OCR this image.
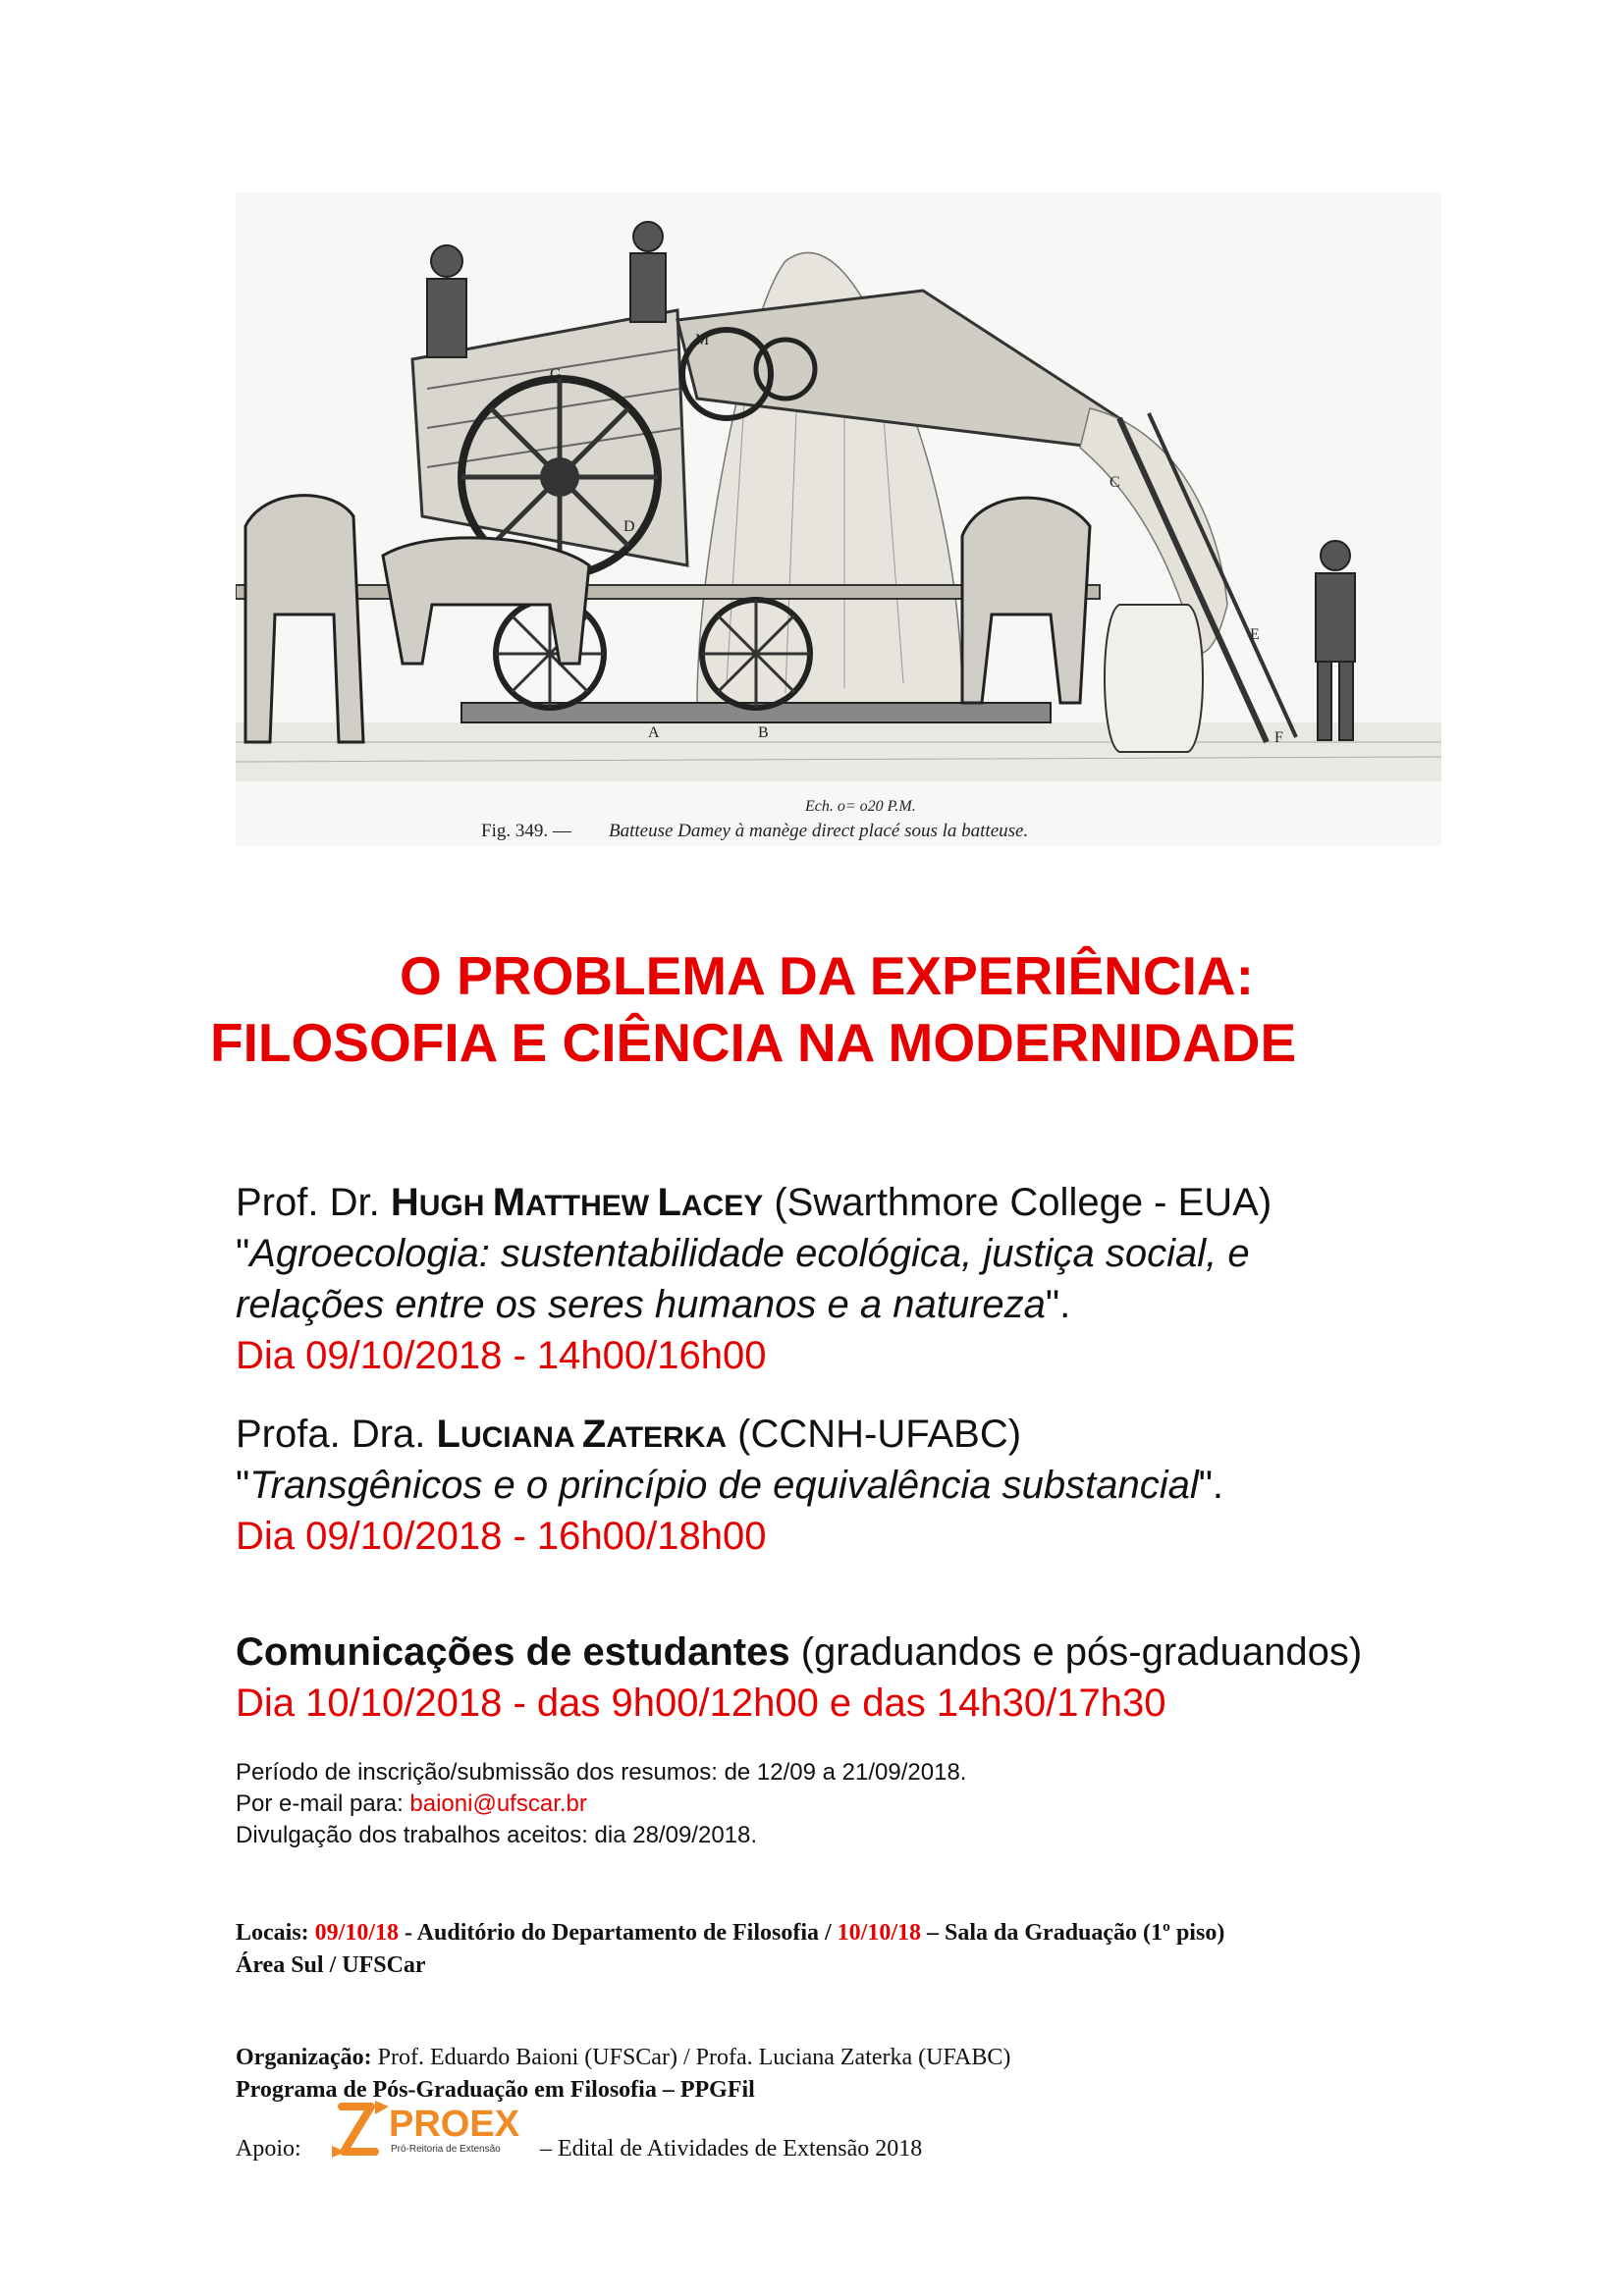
G
M
D
A	B
E
C
F
Ech. o= o20 P.M.
Fig. 349. — Batteuse Damey à manège direct placé sous la batteuse.
O PROBLEMA DA EXPERIÊNCIA:
FILOSOFIA E CIÊNCIA NA MODERNIDADE
Prof. Dr. HUGH MATTHEW LACEY (Swarthmore College - EUA)
"Agroecologia: sustentabilidade ecológica, justiça social, e
relações entre os seres humanos e a natureza".
Dia 09/10/2018 - 14h00/16h00
Profa. Dra. LUCIANA ZATERKA (CCNH-UFABC)
"Transgênicos e o princípio de equivalência substancial".
Dia 09/10/2018 - 16h00/18h00
Comunicações de estudantes (graduandos e pós-graduandos)
Dia 10/10/2018 - das 9h00/12h00 e das 14h30/17h30
Período de inscrição/submissão dos resumos: de 12/09 a 21/09/2018.
Por e-mail para: baioni@ufscar.br
Divulgação dos trabalhos aceitos: dia 28/09/2018.
Locais: 09/10/18 - Auditório do Departamento de Filosofia / 10/10/18 – Sala da Graduação (1º piso)
Área Sul / UFSCar
Organização: Prof. Eduardo Baioni (UFSCar) / Profa. Luciana Zaterka (UFABC)
Programa de Pós-Graduação em Filosofia – PPGFil
Apoio:
PROEX
Pró-Reitoria de Extensão – Edital de Atividades de Extensão 2018
